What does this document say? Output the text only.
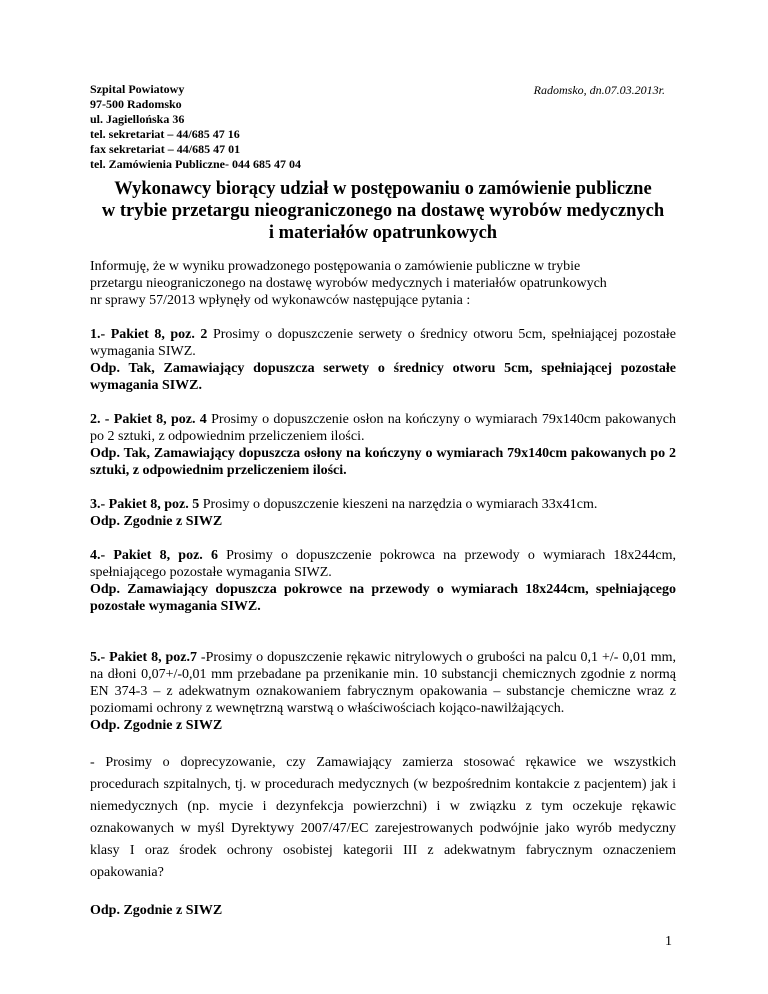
Szpital Powiatowy
97-500 Radomsko
ul. Jagiellońska 36
tel. sekretariat – 44/685 47 16
fax sekretariat – 44/685 47 01
tel. Zamówienia Publiczne- 044 685 47 04
Radomsko, dn.07.03.2013r.
Wykonawcy biorący udział w postępowaniu o zamówienie publiczne
w trybie przetargu nieograniczonego na dostawę wyrobów medycznych
i materiałów opatrunkowych
Informuję, że w wyniku prowadzonego postępowania o zamówienie publiczne w trybie
przetargu nieograniczonego na dostawę wyrobów medycznych i materiałów opatrunkowych
nr sprawy 57/2013 wpłynęły od wykonawców następujące pytania :
1.- Pakiet 8, poz. 2 Prosimy o dopuszczenie serwety o średnicy otworu 5cm, spełniającej pozostałe wymagania SIWZ.
Odp. Tak, Zamawiający dopuszcza serwety o średnicy otworu 5cm, spełniającej pozostałe wymagania SIWZ.
2. - Pakiet 8, poz. 4 Prosimy o dopuszczenie osłon na kończyny o wymiarach 79x140cm pakowanych po 2 sztuki, z odpowiednim przeliczeniem ilości.
Odp. Tak, Zamawiający dopuszcza osłony na kończyny o wymiarach 79x140cm pakowanych po 2 sztuki, z odpowiednim przeliczeniem ilości.
3.- Pakiet 8, poz. 5 Prosimy o dopuszczenie kieszeni na narzędzia o wymiarach 33x41cm.
Odp. Zgodnie z SIWZ
4.- Pakiet 8, poz. 6 Prosimy o dopuszczenie pokrowca na przewody o wymiarach 18x244cm, spełniającego pozostałe wymagania SIWZ.
Odp. Zamawiający dopuszcza pokrowce na przewody o wymiarach 18x244cm, spełniającego pozostałe wymagania SIWZ.
5.- Pakiet 8, poz.7 -Prosimy o dopuszczenie rękawic nitrylowych o grubości na palcu 0,1 +/- 0,01 mm, na dłoni 0,07+/-0,01 mm przebadane pa przenikanie min. 10 substancji chemicznych zgodnie z normą EN 374-3 – z adekwatnym oznakowaniem fabrycznym opakowania – substancje chemiczne wraz z poziomami ochrony z wewnętrzną warstwą o właściwościach kojąco-nawilżających.
Odp. Zgodnie z SIWZ
- Prosimy o doprecyzowanie, czy Zamawiający zamierza stosować rękawice we wszystkich procedurach szpitalnych, tj. w procedurach medycznych (w bezpośrednim kontakcie z pacjentem) jak i niemedycznych (np. mycie i dezynfekcja powierzchni) i w związku z tym oczekuje rękawic oznakowanych w myśl Dyrektywy 2007/47/EC zarejestrowanych podwójnie jako wyrób medyczny klasy I oraz środek ochrony osobistej kategorii III z adekwatnym fabrycznym oznaczeniem opakowania?
Odp. Zgodnie z SIWZ
1
